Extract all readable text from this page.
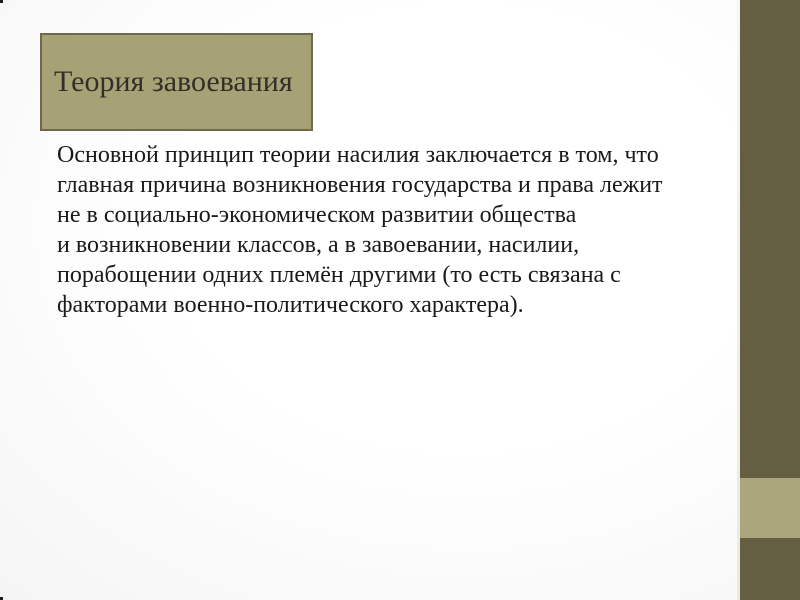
Теория завоевания
Основной принцип теории насилия заключается в том, что
главная причина возникновения государства и права лежит
не в социально-экономическом развитии общества
и возникновении классов, а в завоевании, насилии,
порабощении одних племён другими (то есть связана с
факторами военно-политического характера).
